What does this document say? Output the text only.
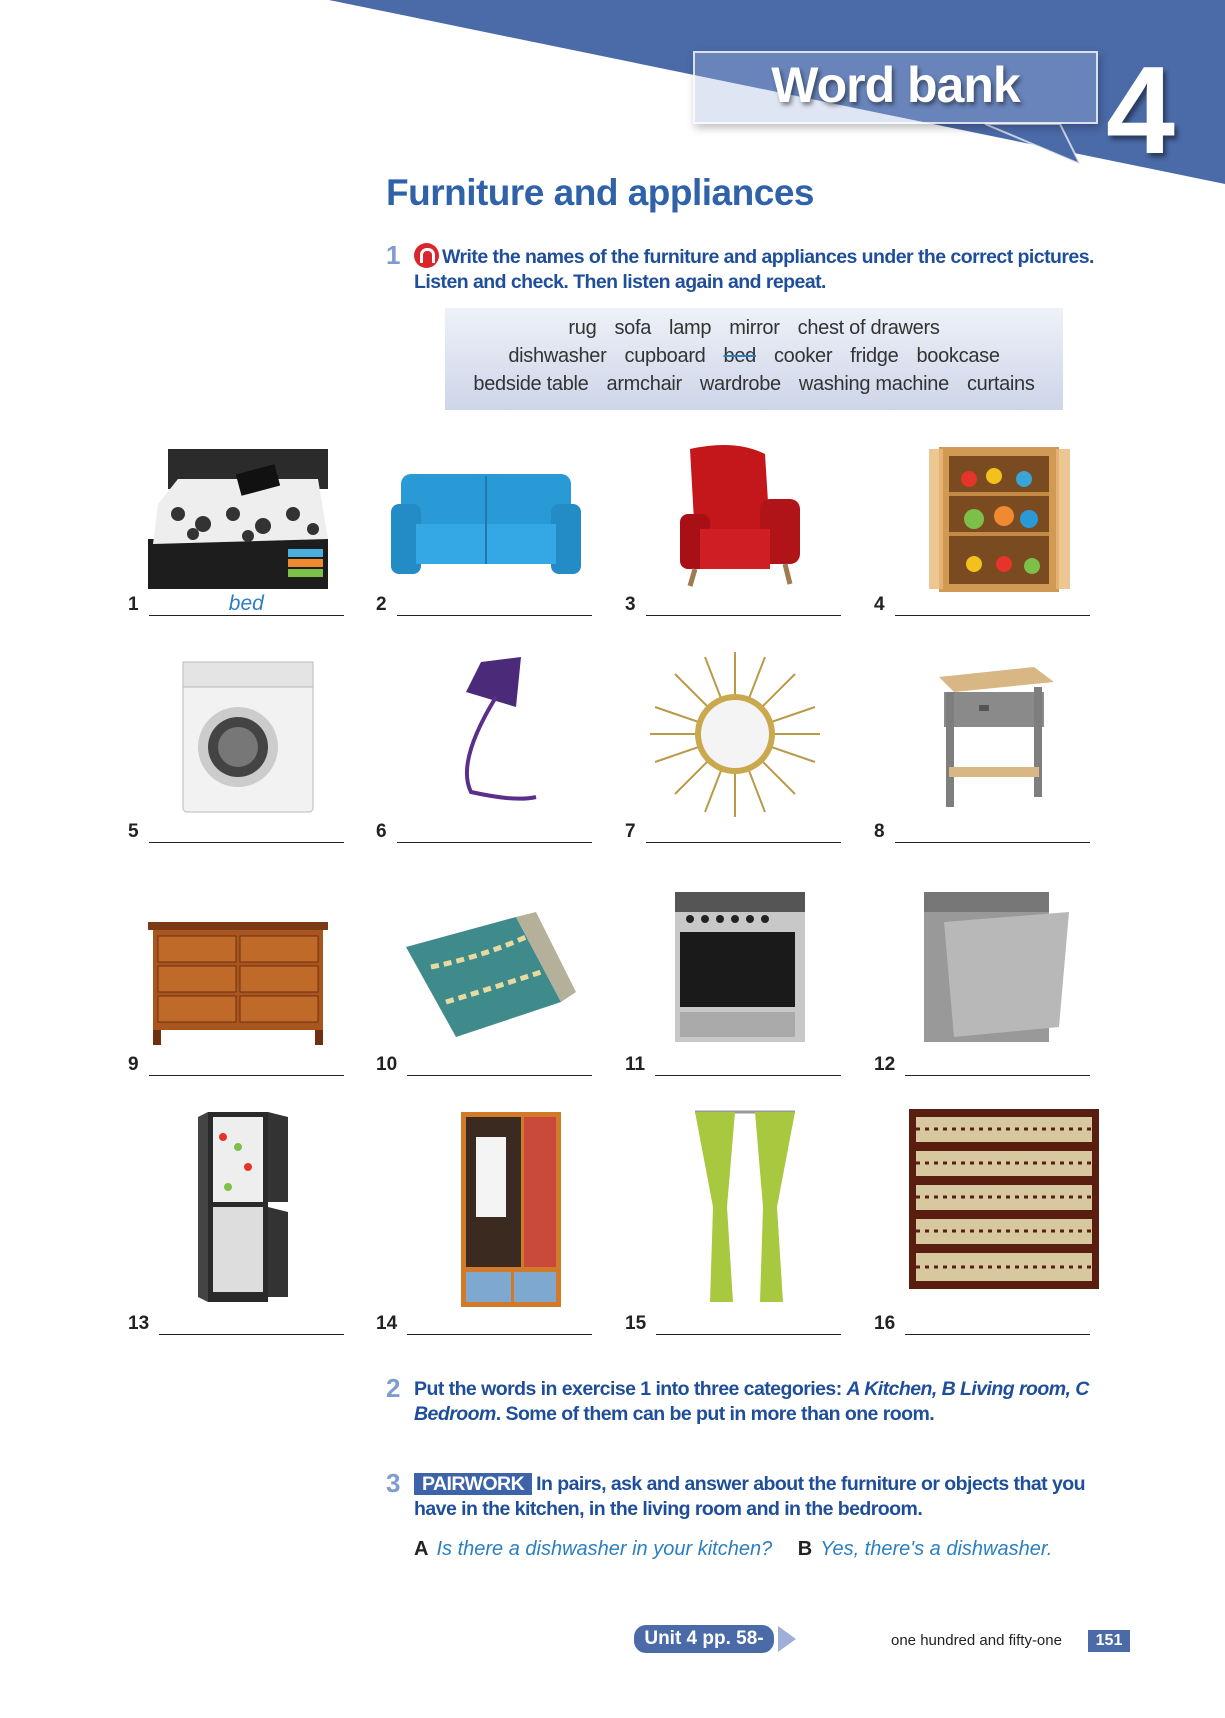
Word bank 4
Furniture and appliances
1	Write the names of the furniture and appliances under the correct pictures. Listen and check. Then listen again and repeat.
rug sofa lamp mirror chest of drawers
dishwasher cupboard bed cooker fridge bookcase
bedside table armchair wardrobe washing machine curtains
1	bed	2	3	4
5	6	7	8
9	10	11	12
13	14	15	16
2 Put the words in exercise 1 into three categories: A Kitchen, B Living room, C Bedroom. Some of them can be put in more than one room.
3	PAIRWORK In pairs, ask and answer about the furniture or objects that you have in the kitchen, in the living room and in the bedroom.
A Is there a dishwasher in your kitchen? B Yes, there's a dishwasher.
Unit 4 pp. 58-59
one hundred and fifty-one	151
